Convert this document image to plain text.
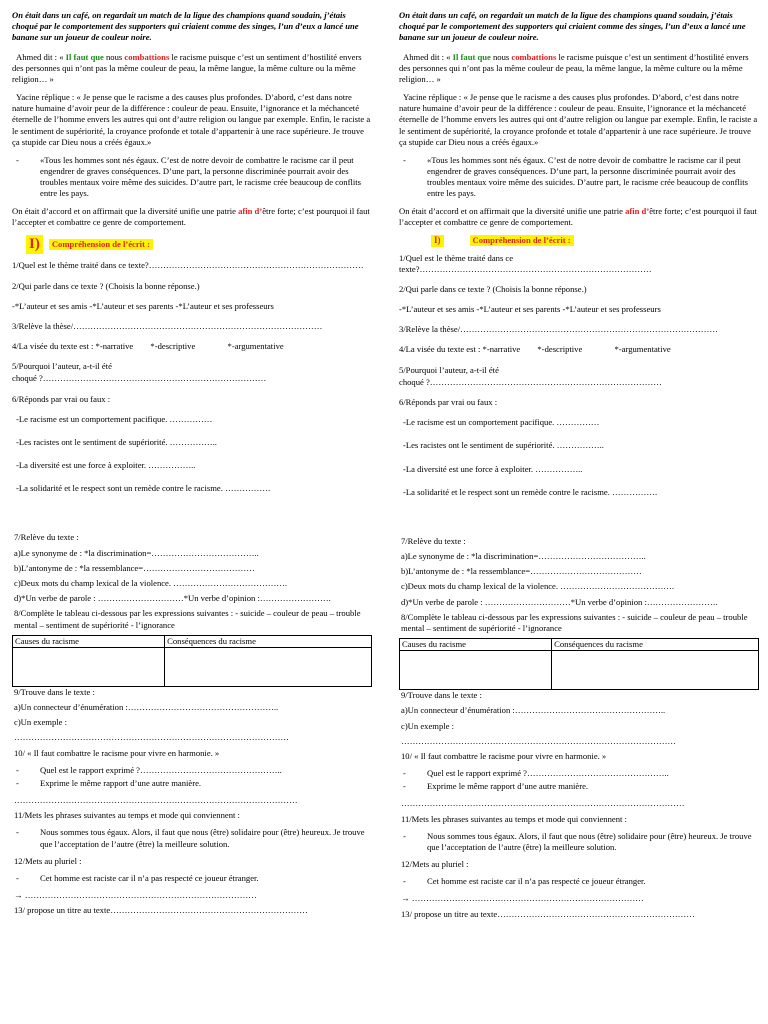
On était dans un café, on regardait un match de la ligue des champions quand soudain, j’étais choqué par le comportement des supporters qui criaient comme des singes, l’un d’eux a lancé une banane sur un joueur de couleur noire.

Ahmed dit : « Il faut que nous combattions le racisme puisque c’est un sentiment d’hostilité envers des personnes qui n’ont pas la même couleur de peau, la même langue, la même culture ou la même religion… »

Yacine réplique : « Je pense que le racisme a des causes plus profondes. D’abord, c’est dans notre nature humaine d’avoir peur de la différence : couleur de peau. Ensuite, l’ignorance et la méchanceté éternelle de l’homme envers les autres qui ont d’autre religion ou langue par exemple. Enfin, le raciste a le sentiment de supériorité, la croyance profonde et totale d’appartenir à une race supérieure. Je trouve ça stupide car Dieu nous a créés égaux.»

-	«Tous les hommes sont nés égaux. C’est de notre devoir de combattre le racisme car il peut engendrer de graves conséquences. D’une part, la personne discriminée pourrait avoir des troubles mentaux voire même des suicides. D’autre part, le racisme crée beaucoup de conflits entre les pays.

On était d’accord et on affirmait que la diversité unifie une patrie afin d’être forte; c’est pourquoi il faut l’accepter et combattre ce genre de comportement.

I)	Compréhension de l’écrit :

1/Quel est le thème traité dans ce texte?…………………………………………………………………

2/Qui parle dans ce texte ? (Choisis la bonne réponse.)

-*L’auteur et ses amis -*L’auteur et ses parents -*L’auteur et ses professeurs

3/Relève la thèse/……………………………………………………………………………

4/La visée du texte est : *-narrative *-descriptive	*-argumentative

5/Pourquoi l’auteur, a-t-il été

choqué ?……………………………………………………………………

6/Réponds par vrai ou faux :

-Le racisme est un comportement pacifique. ……………

-Les racistes ont le sentiment de supériorité. ……………..

-La diversité est une force à exploiter. ……………..

-La solidarité et le respect sont un remède contre le racisme. …………….

7/Relève du texte :

a)Le synonyme de : *la discrimination=………………………………..

b)L’antonyme de : *la ressemblance=…………………………………

c)Deux mots du champ lexical de la violence. ………………………………….

d)*Un verbe de parole : …………………………*Un verbe d’opinion :…………………….

8/Complète le tableau ci-dessous par les expressions suivantes : - suicide – couleur de peau – trouble mental – sentiment de supériorité - l’ignorance

Causes du racisme	Conséquences du racisme

9/Trouve dans le texte :

a)Un connecteur d’énumération :……………………………………………..

c)Un exemple :

……………………………………………………………………………………

10/ « Il faut combattre le racisme pour vivre en harmonie. »

-	Quel est le rapport exprimé ?…………………………………………..
-	Exprime le même rapport d’une autre manière.

………………………………………………………………………………………

11/Mets les phrases suivantes au temps et mode qui conviennent :

-	Nous sommes tous égaux. Alors, il faut que nous (être) solidaire pour (être) heureux. Je trouve que l’acceptation de l’autre (être) la meilleure solution.

12/Mets au pluriel :

-	Cet homme est raciste car il n’a pas respecté ce joueur étranger.

→ ………………………………………………………………………

13/ propose un titre au texte……………………………………………………………

On était dans un café, on regardait un match de la ligue des champions quand soudain, j’étais choqué par le comportement des supporters qui criaient comme des singes, l’un d’eux a lancé une banane sur un joueur de couleur noire.

Ahmed dit : « Il faut que nous combattions le racisme puisque c’est un sentiment d’hostilité envers des personnes qui n’ont pas la même couleur de peau, la même langue, la même culture ou la même religion… »

Yacine réplique : « Je pense que le racisme a des causes plus profondes. D’abord, c’est dans notre nature humaine d’avoir peur de la différence : couleur de peau. Ensuite, l’ignorance et la méchanceté éternelle de l’homme envers les autres qui ont d’autre religion ou langue par exemple. Enfin, le raciste a le sentiment de supériorité, la croyance profonde et totale d’appartenir à une race supérieure. Je trouve ça stupide car Dieu nous a créés égaux.»

-	«Tous les hommes sont nés égaux. C’est de notre devoir de combattre le racisme car il peut engendrer de graves conséquences. D’une part, la personne discriminée pourrait avoir des troubles mentaux voire même des suicides. D’autre part, le racisme crée beaucoup de conflits entre les pays.

On était d’accord et on affirmait que la diversité unifie une patrie afin d’être forte; c’est pourquoi il faut l’accepter et combattre ce genre de comportement.

I)	Compréhension de l’écrit :

1/Quel est le thème traité dans ce texte?………………………………………………………………………

2/Qui parle dans ce texte ? (Choisis la bonne réponse.)

-*L’auteur et ses amis -*L’auteur et ses parents -*L’auteur et ses professeurs

3/Relève la thèse/………………………………………………………………………………

4/La visée du texte est : *-narrative *-descriptive	*-argumentative

5/Pourquoi l’auteur, a-t-il été

choqué ?………………………………………………………………………

6/Réponds par vrai ou faux :

-Le racisme est un comportement pacifique. ……………

-Les racistes ont le sentiment de supériorité. ……………..

-La diversité est une force à exploiter. ……………..

-La solidarité et le respect sont un remède contre le racisme. …………….

7/Relève du texte :

a)Le synonyme de : *la discrimination=………………………………..

b)L’antonyme de : *la ressemblance=…………………………………

c)Deux mots du champ lexical de la violence. ………………………………….

d)*Un verbe de parole : …………………………*Un verbe d’opinion :…………………….

8/Complète le tableau ci-dessous par les expressions suivantes : - suicide – couleur de peau – trouble mental – sentiment de supériorité - l’ignorance

Causes du racisme	Conséquences du racisme

9/Trouve dans le texte :

a)Un connecteur d’énumération :……………………………………………..

c)Un exemple :

……………………………………………………………………………………

10/ « Il faut combattre le racisme pour vivre en harmonie. »

-	Quel est le rapport exprimé ?…………………………………………..
-	Exprime le même rapport d’une autre manière.

………………………………………………………………………………………

11/Mets les phrases suivantes au temps et mode qui conviennent :

-	Nous sommes tous égaux. Alors, il faut que nous (être) solidaire pour (être) heureux. Je trouve que l’acceptation de l’autre (être) la meilleure solution.

12/Mets au pluriel :

-	Cet homme est raciste car il n’a pas respecté ce joueur étranger.

→ ………………………………………………………………………

13/ propose un titre au texte……………………………………………………………
